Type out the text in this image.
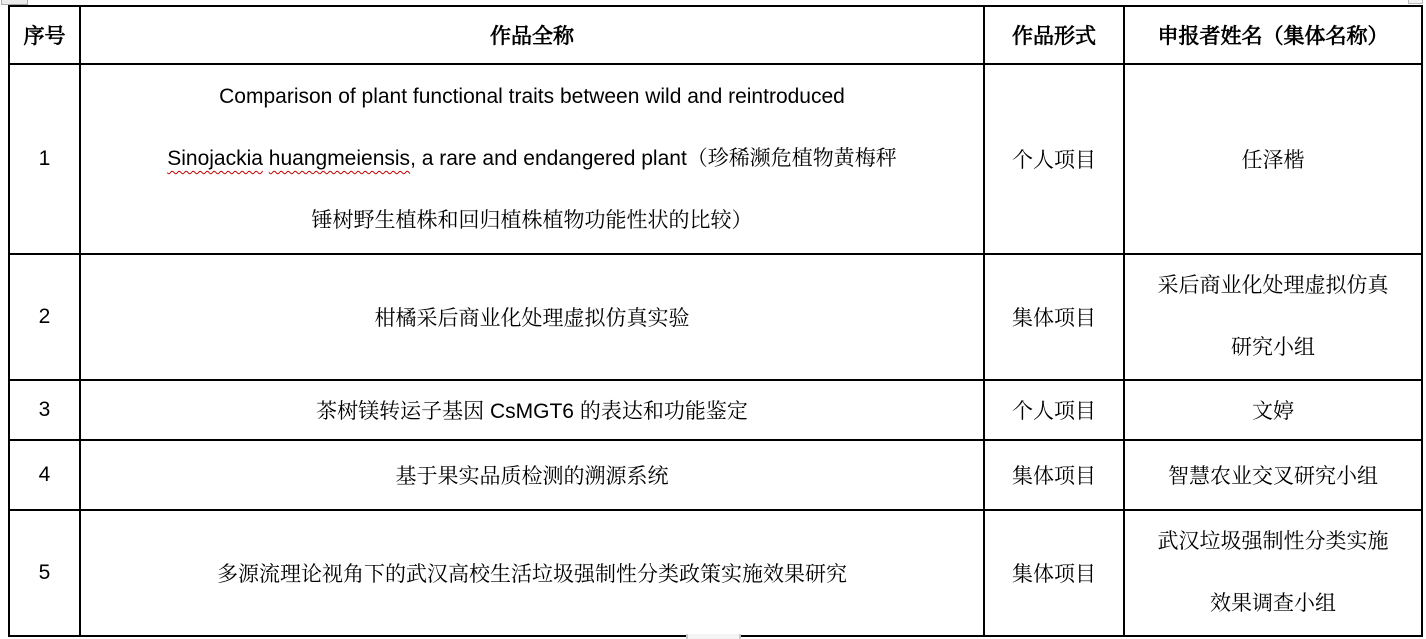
序号	作品全称	作品形式	申报者姓名（集体名称）
1	Comparison of plant functional traits between wild and reintroduced
Sinojackia huangmeiensis, a rare and endangered plant（珍稀濒危植物黄梅秤
锤树野生植株和回归植株植物功能性状的比较）	个人项目	任泽楷
2	柑橘采后商业化处理虚拟仿真实验	集体项目	采后商业化处理虚拟仿真
研究小组

3	茶树镁转运子基因 CsMGT6 的表达和功能鉴定	个人项目	文婷
4	基于果实品质检测的溯源系统	集体项目	智慧农业交叉研究小组
5	多源流理论视角下的武汉高校生活垃圾强制性分类政策实施效果研究	集体项目	武汉垃圾强制性分类实施
效果调查小组
